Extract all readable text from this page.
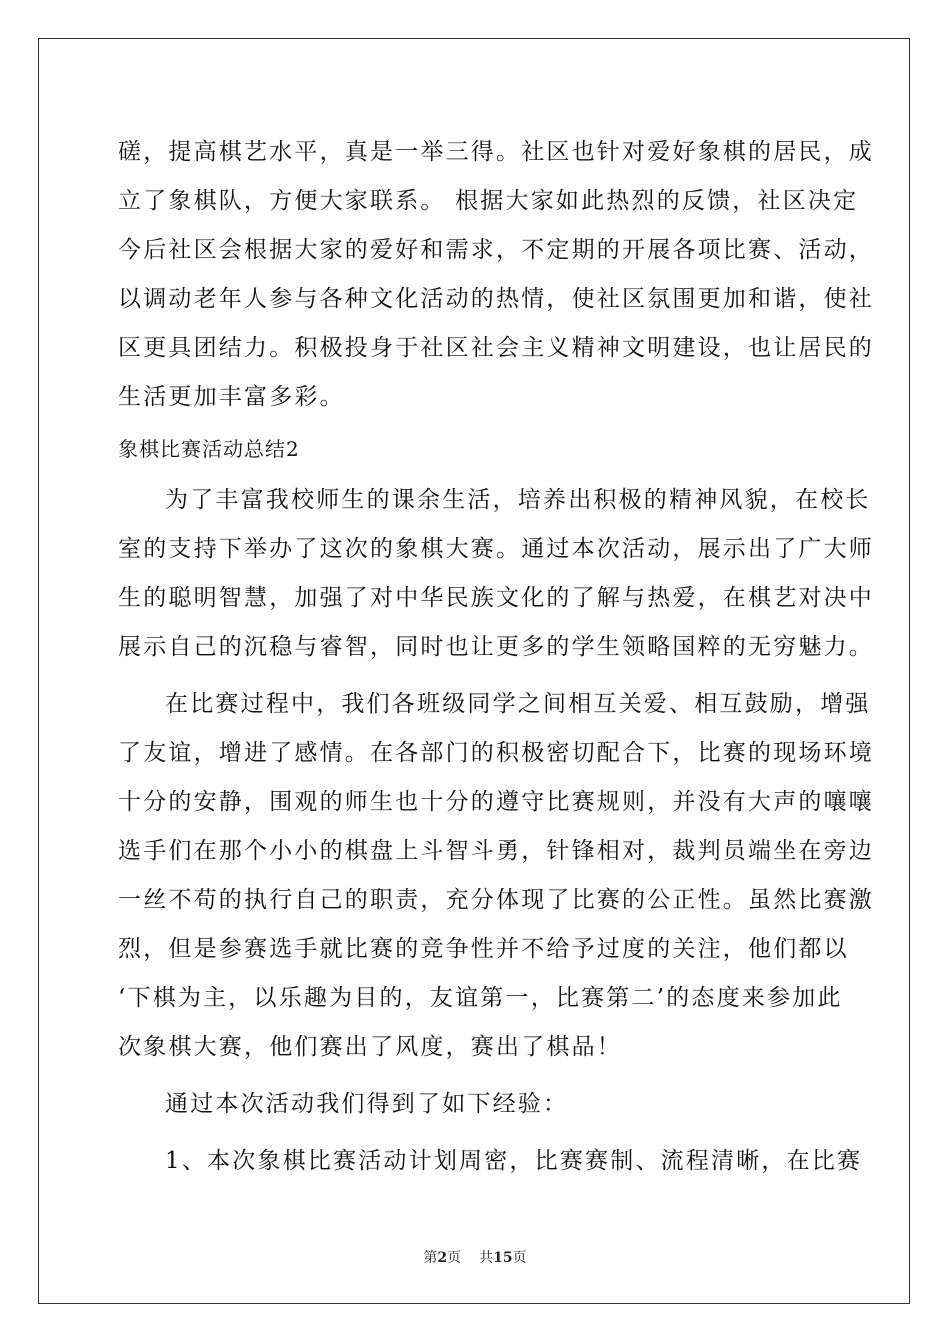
磋，提高棋艺水平，真是一举三得。社区也针对爱好象棋的居民，成
立了象棋队，方便大家联系。 根据大家如此热烈的反馈，社区决定
今后社区会根据大家的爱好和需求，不定期的开展各项比赛、活动，
以调动老年人参与各种文化活动的热情，使社区氛围更加和谐，使社
区更具团结力。积极投身于社区社会主义精神文明建设，也让居民的
生活更加丰富多彩。
象棋比赛活动总结2
为了丰富我校师生的课余生活，培养出积极的精神风貌，在校长
室的支持下举办了这次的象棋大赛。通过本次活动，展示出了广大师
生的聪明智慧，加强了对中华民族文化的了解与热爱，在棋艺对决中
展示自己的沉稳与睿智，同时也让更多的学生领略国粹的无穷魅力。
在比赛过程中，我们各班级同学之间相互关爱、相互鼓励，增强
了友谊，增进了感情。在各部门的积极密切配合下，比赛的现场环境
十分的安静，围观的师生也十分的遵守比赛规则，并没有大声的嚷嚷
选手们在那个小小的棋盘上斗智斗勇，针锋相对，裁判员端坐在旁边
一丝不苟的执行自己的职责，充分体现了比赛的公正性。虽然比赛激
烈，但是参赛选手就比赛的竞争性并不给予过度的关注，他们都以
‘下棋为主，以乐趣为目的，友谊第一，比赛第二’的态度来参加此
次象棋大赛，他们赛出了风度，赛出了棋品！
通过本次活动我们得到了如下经验：
1、本次象棋比赛活动计划周密，比赛赛制、流程清晰，在比赛
第2页 共15页
